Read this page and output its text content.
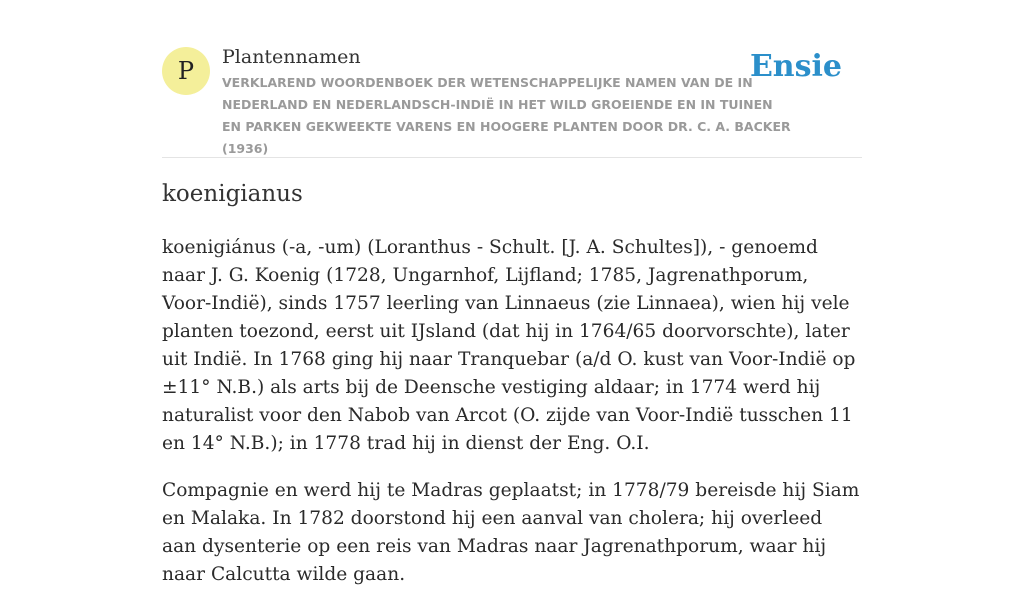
P Plantennamen
VERKLAREND WOORDENBOEK DER WETENSCHAPPELIJKE NAMEN VAN DE IN NEDERLAND EN NEDERLANDSCH-INDIË IN HET WILD GROEIENDE EN IN TUINEN EN PARKEN GEKWEEKTE VARENS EN HOOGERE PLANTEN DOOR DR. C. A. BACKER (1936)
Ensie
koenigianus

koenigiánus (-a, -um) (Loranthus - Schult. [J. A. Schultes]), - genoemd naar J. G. Koenig (1728, Ungarnhof, Lijfland; 1785, Jagrenathporum, Voor-Indië), sinds 1757 leerling van Linnaeus (zie Linnaea), wien hij vele planten toezond, eerst uit IJsland (dat hij in 1764/65 doorvorschte), later uit Indië. In 1768 ging hij naar Tranquebar (a/d O. kust van Voor-Indië op ±11° N.B.) als arts bij de Deensche vestiging aldaar; in 1774 werd hij naturalist voor den Nabob van Arcot (O. zijde van Voor-Indië tusschen 11 en 14° N.B.); in 1778 trad hij in dienst der Eng. O.I.

Compagnie en werd hij te Madras geplaatst; in 1778/79 bereisde hij Siam en Malaka. In 1782 doorstond hij een aanval van cholera; hij overleed aan dysenterie op een reis van Madras naar Jagrenathporum, waar hij naar Calcutta wilde gaan.
